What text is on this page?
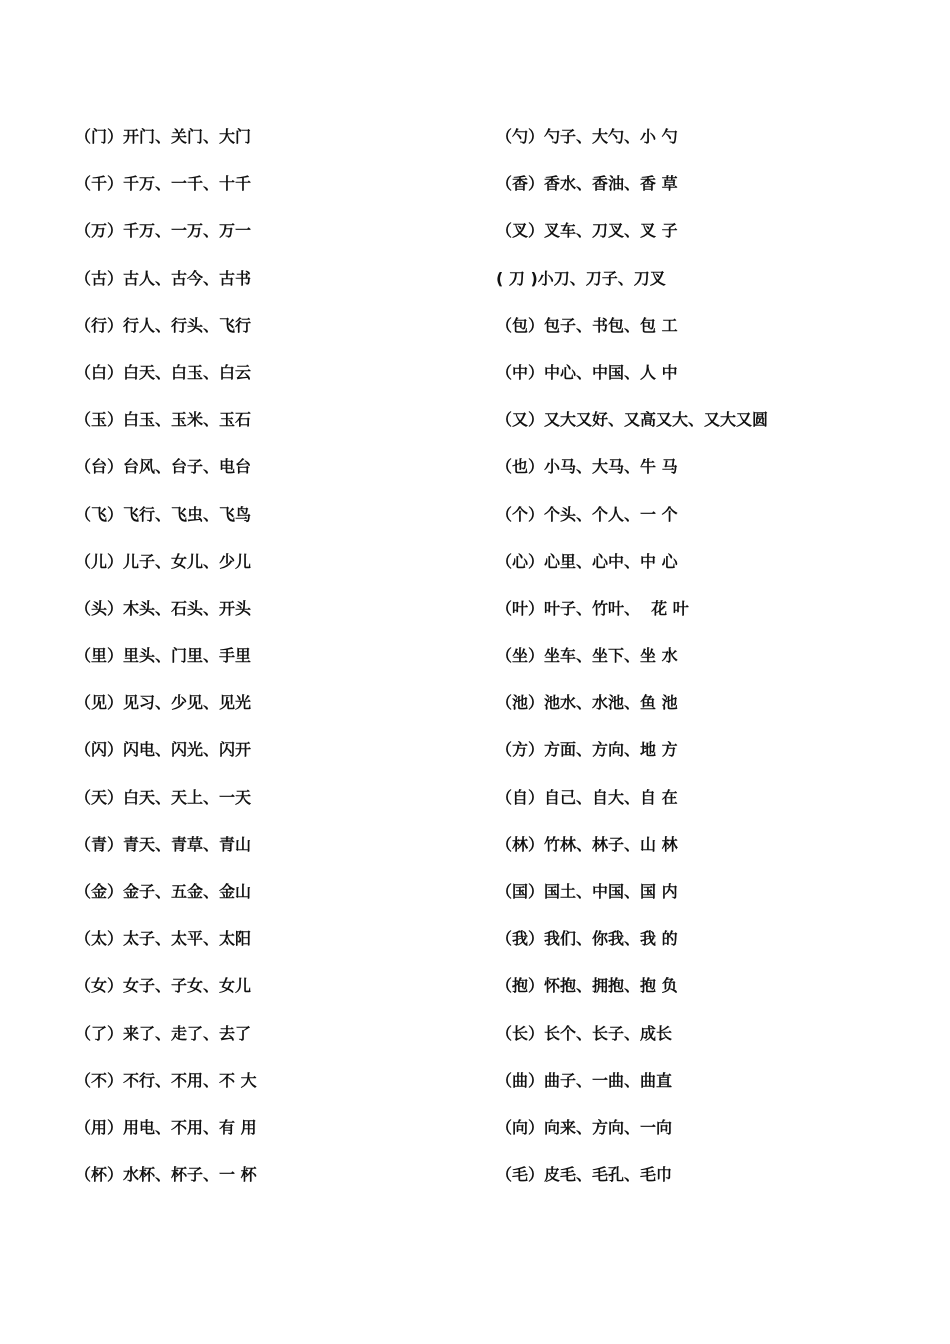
（门）开门、关门、大门
（千）千万、一千、十千
（万）千万、一万、万一
（古）古人、古今、古书
（行）行人、行头、飞行
（白）白天、白玉、白云
（玉）白玉、玉米、玉石
（台）台风、台子、电台
（飞）飞行、飞虫、飞鸟
（儿）儿子、女儿、少儿
（头）木头、石头、开头
（里）里头、门里、手里
（见）见习、少见、见光
（闪）闪电、闪光、闪开
（天）白天、天上、一天
（青）青天、青草、青山
（金）金子、五金、金山
（太）太子、太平、太阳
（女）女子、子女、女儿
（了）来了、走了、去了
（不）不行、不用、不 大
（用）用电、不用、有 用
（杯）水杯、杯子、一 杯
（勺）勺子、大勺、小 勺
（香）香水、香油、香 草
（叉）叉车、刀叉、叉 子
( 刀 )小刀、刀子、刀叉
（包）包子、书包、包 工
（中）中心、中国、人 中
（又）又大又好、又高又大、又大又圆
（也）小马、大马、牛 马
（个）个头、个人、一 个
（心）心里、心中、中 心
（叶）叶子、竹叶、  花 叶
（坐）坐车、坐下、坐 水
（池）池水、水池、鱼 池
（方）方面、方向、地 方
（自）自己、自大、自 在
（林）竹林、林子、山 林
（国）国土、中国、国 内
（我）我们、你我、我 的
（抱）怀抱、拥抱、抱 负
（长）长个、长子、成长
（曲）曲子、一曲、曲直
（向）向来、方向、一向
（毛）皮毛、毛孔、毛巾
